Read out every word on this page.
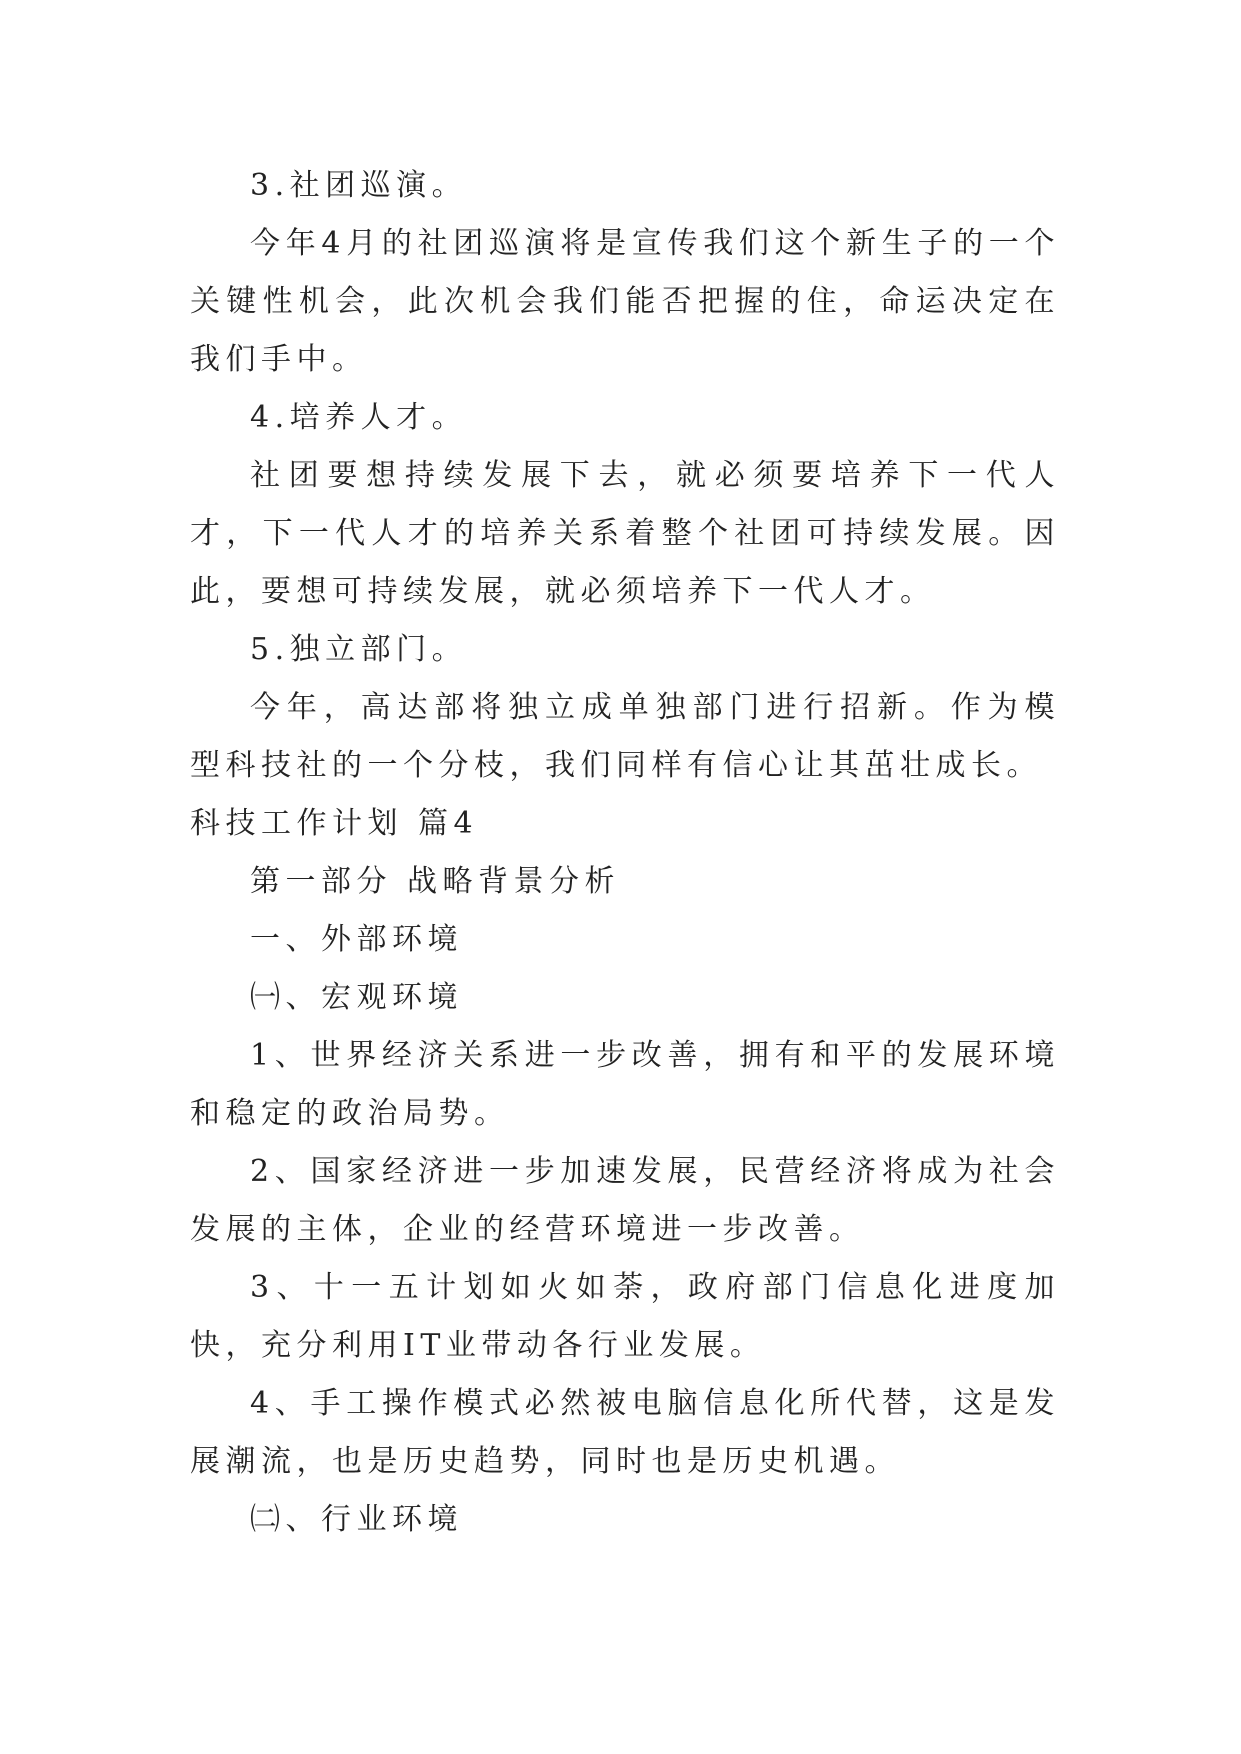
3.社团巡演。

今年4月的社团巡演将是宣传我们这个新生子的一个关键性机会，此次机会我们能否把握的住，命运决定在我们手中。

4.培养人才。

社团要想持续发展下去，就必须要培养下一代人才，下一代人才的培养关系着整个社团可持续发展。因此，要想可持续发展，就必须培养下一代人才。

5.独立部门。

今年，高达部将独立成单独部门进行招新。作为模型科技社的一个分枝，我们同样有信心让其茁壮成长。

科技工作计划 篇4

第一部分 战略背景分析

一、外部环境

㈠、宏观环境

1、世界经济关系进一步改善，拥有和平的发展环境和稳定的政治局势。

2、国家经济进一步加速发展，民营经济将成为社会发展的主体，企业的经营环境进一步改善。

3、十一五计划如火如荼，政府部门信息化进度加快，充分利用IT业带动各行业发展。

4、手工操作模式必然被电脑信息化所代替，这是发展潮流，也是历史趋势，同时也是历史机遇。

㈡、行业环境
